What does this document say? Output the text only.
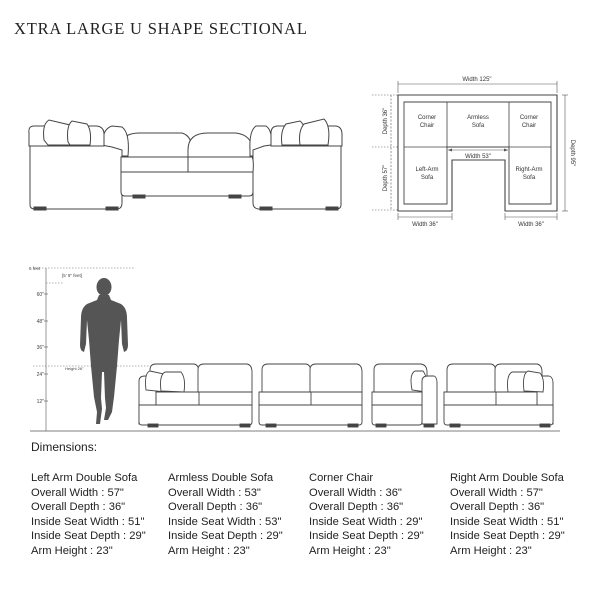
XTRA LARGE U SHAPE SECTIONAL
Width 125"
Depth 36"
Depth 57"
Depth 95"
Width 53"
Width 36"	Width 36"
Corner
Chair
Armless
Sofa
Corner
Chair
Left-Arm
Sofa
Right-Arm
Sofa
6 feet
[5' 9" feet]
Height 26"
60"
48"
36"
24"
12"
Dimensions:
Left Arm Double Sofa
Overall Width : 57"
Overall Depth : 36"
Inside Seat Width : 51"
Inside Seat Depth : 29"
Arm Height : 23"
Armless Double Sofa
Overall Width : 53"
Overall Depth : 36"
Inside Seat Width : 53"
Inside Seat Depth : 29"
Arm Height : 23"
Corner Chair
Overall Width : 36"
Overall Depth : 36"
Inside Seat Width : 29"
Inside Seat Depth : 29"
Arm Height : 23"
Right Arm Double Sofa
Overall Width : 57"
Overall Depth : 36"
Inside Seat Width : 51"
Inside Seat Depth : 29"
Arm Height : 23"
